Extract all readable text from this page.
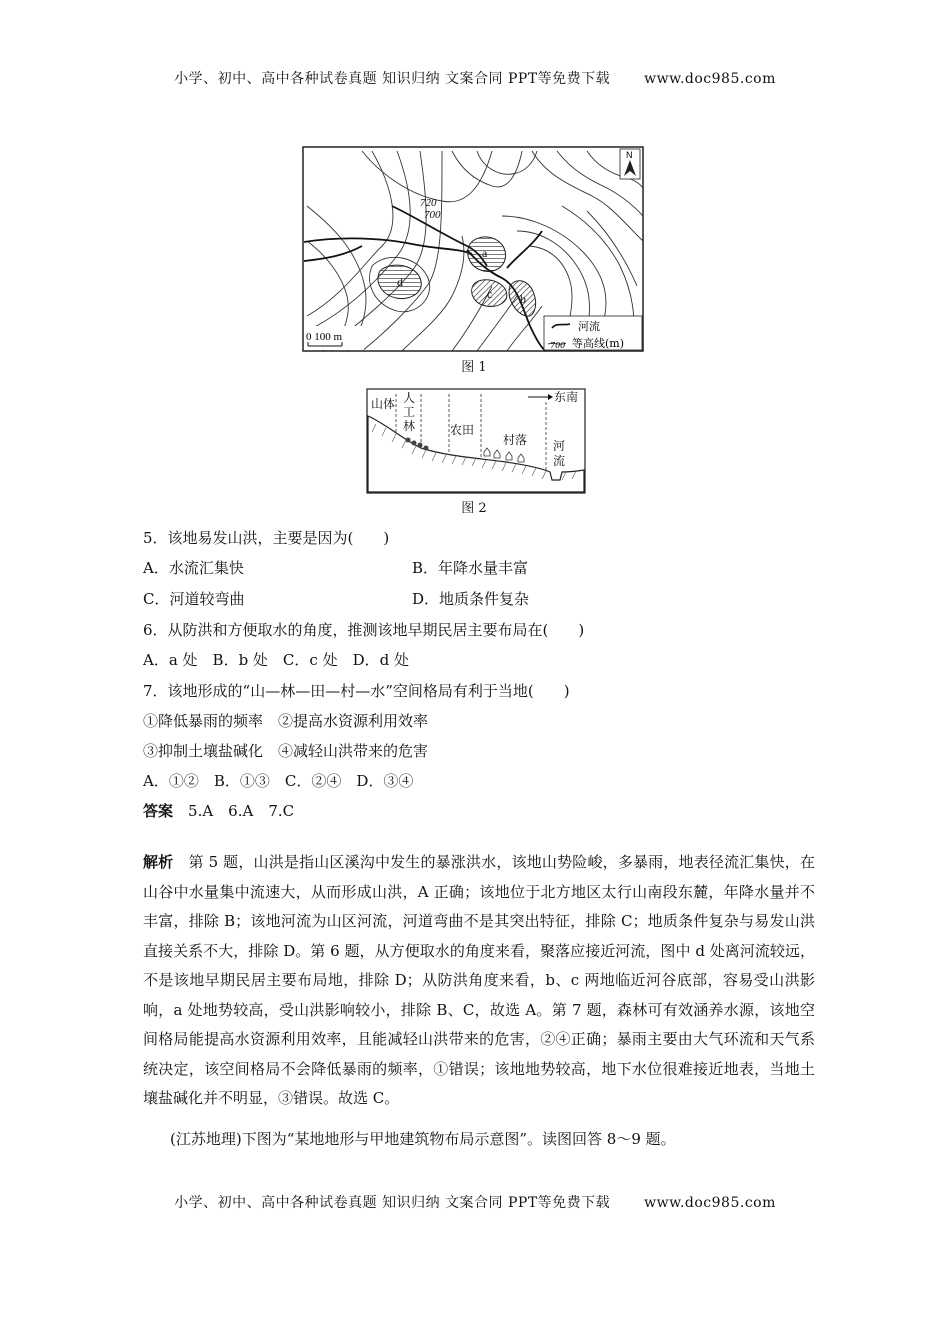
小学、初中、高中各种试卷真题 知识归纳 文案合同 PPT等免费下载 www.doc985.com
a
b
c
d
720
700
N
0 100 m
河流
700 等高线(m)
图 1
东南
山体 人
工
林	农田
村落 河
流
图 2
5．该地易发山洪，主要是因为(　　)
A．水流汇集快	B．年降水量丰富
C．河道较弯曲	D．地质条件复杂
6．从防洪和方便取水的角度，推测该地早期民居主要布局在(　　)
A．a 处　B．b 处　C．c 处　D．d 处
7．该地形成的“山—林—田—村—水”空间格局有利于当地(　　)
①降低暴雨的频率　②提高水资源利用效率
③抑制土壤盐碱化　④减轻山洪带来的危害
A．①②　B．①③　C．②④　D．③④
答案　 5.A　6.A　7.C
解析　 第 5 题，山洪是指山区溪沟中发生的暴涨洪水，该地山势险峻，多暴雨，地表径流汇集快，在山谷中水量集中流速大，从而形成山洪，A 正确；该地位于北方地区太行山南段东麓，年降水量并不丰富，排除 B；该地河流为山区河流，河道弯曲不是其突出特征，排除 C；地质条件复杂与易发山洪直接关系不大，排除 D。第 6 题，从方便取水的角度来看，聚落应接近河流，图中 d 处离河流较远，不是该地早期民居主要布局地，排除 D；从防洪角度来看，b、c 两地临近河谷底部，容易受山洪影响，a 处地势较高，受山洪影响较小，排除 B、C，故选 A。第 7 题，森林可有效涵养水源，该地空间格局能提高水资源利用效率，且能减轻山洪带来的危害，②④正确；暴雨主要由大气环流和天气系统决定，该空间格局不会降低暴雨的频率，①错误；该地地势较高，地下水位很难接近地表，当地土壤盐碱化并不明显，③错误。故选 C。
(江苏地理)下图为“某地地形与甲地建筑物布局示意图”。读图回答 8～9 题。
小学、初中、高中各种试卷真题 知识归纳 文案合同 PPT等免费下载 www.doc985.com
